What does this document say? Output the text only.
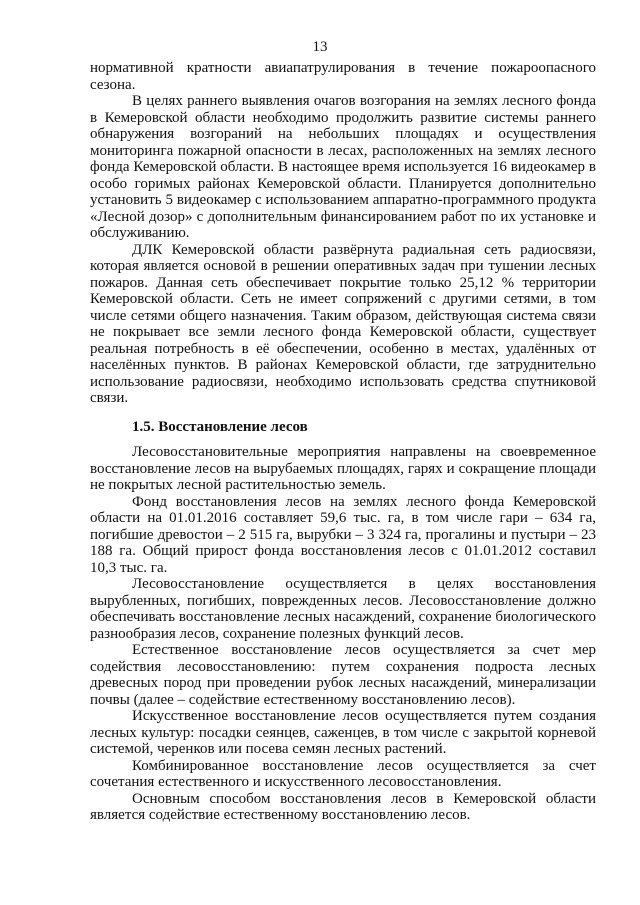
13

нормативной кратности авиапатрулирования в течение пожароопасного сезона.

В целях раннего выявления очагов возгорания на землях лесного фонда в Кемеровской области необходимо продолжить развитие системы раннего обнаружения возгораний на небольших площадях и осуществления мониторинга пожарной опасности в лесах, расположенных на землях лесного фонда Кемеровской области. В настоящее время используется 16 видеокамер в особо горимых районах Кемеровской области. Планируется дополнительно установить 5 видеокамер с использованием аппаратно-программного продукта «Лесной дозор» с дополнительным финансированием работ по их установке и обслуживанию.

ДЛК Кемеровской области развёрнута радиальная сеть радиосвязи, которая является основой в решении оперативных задач при тушении лесных пожаров. Данная сеть обеспечивает покрытие только 25,12 % территории Кемеровской области. Сеть не имеет сопряжений с другими сетями, в том числе сетями общего назначения. Таким образом, действующая система связи не покрывает все земли лесного фонда Кемеровской области, существует реальная потребность в её обеспечении, особенно в местах, удалённых от населённых пунктов. В районах Кемеровской области, где затруднительно использование радиосвязи, необходимо использовать средства спутниковой связи.

1.5. Восстановление лесов

Лесовосстановительные мероприятия направлены на своевременное восстановление лесов на вырубаемых площадях, гарях и сокращение площади не покрытых лесной растительностью земель.

Фонд восстановления лесов на землях лесного фонда Кемеровской области на 01.01.2016 составляет 59,6 тыс. га, в том числе гари – 634 га, погибшие древостои – 2 515 га, вырубки – 3 324 га, прогалины и пустыри – 23 188 га. Общий прирост фонда восстановления лесов с 01.01.2012 составил 10,3 тыс. га.

Лесовосстановление осуществляется в целях восстановления вырубленных, погибших, поврежденных лесов. Лесовосстановление должно обеспечивать восстановление лесных насаждений, сохранение биологического разнообразия лесов, сохранение полезных функций лесов.

Естественное восстановление лесов осуществляется за счет мер содействия лесовосстановлению: путем сохранения подроста лесных древесных пород при проведении рубок лесных насаждений, минерализации почвы (далее – содействие естественному восстановлению лесов).

Искусственное восстановление лесов осуществляется путем создания лесных культур: посадки сеянцев, саженцев, в том числе с закрытой корневой системой, черенков или посева семян лесных растений.

Комбинированное восстановление лесов осуществляется за счет сочетания естественного и искусственного лесовосстановления.

Основным способом восстановления лесов в Кемеровской области является содействие естественному восстановлению лесов.
